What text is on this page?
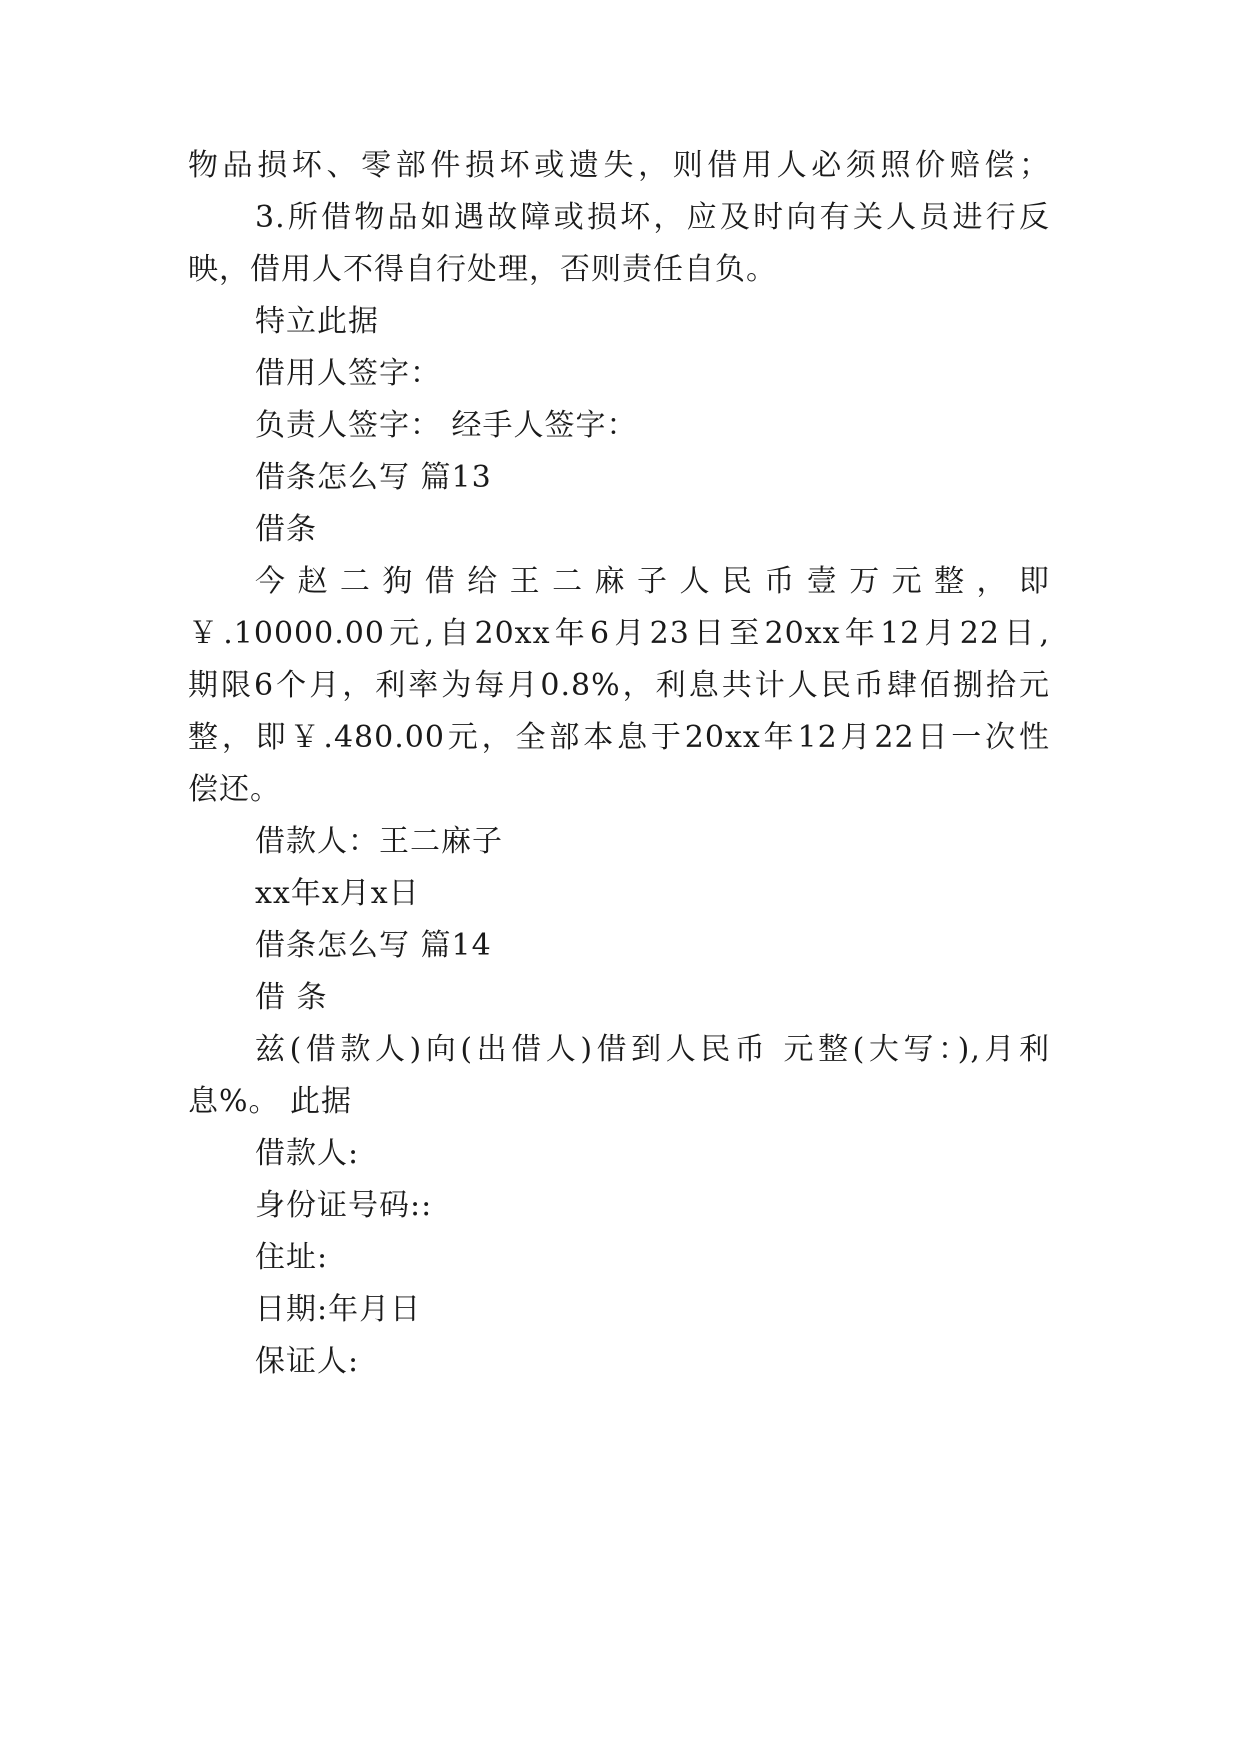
物品损坏、零部件损坏或遗失，则借用人必须照价赔偿；
3.所借物品如遇故障或损坏，应及时向有关人员进行反
映，借用人不得自行处理，否则责任自负。
特立此据
借用人签字：
负责人签字： 经手人签字：
借条怎么写 篇13
借条
今 赵 二 狗 借 给 王 二 麻 子 人 民 币 壹 万 元 整 ， 即
￥.10000.00元,自20xx年6月23日至20xx年12月22日,
期限6个月，利率为每月0.8%，利息共计人民币肆佰捌拾元
整，即￥.480.00元，全部本息于20xx年12月22日一次性
偿还。
借款人：王二麻子
xx年x月x日
借条怎么写 篇14
借 条
兹(借款人)向(出借人)借到人民币 元整(大写：),月利
息%。 此据
借款人:
身份证号码::
住址:
日期:年月日
保证人:
